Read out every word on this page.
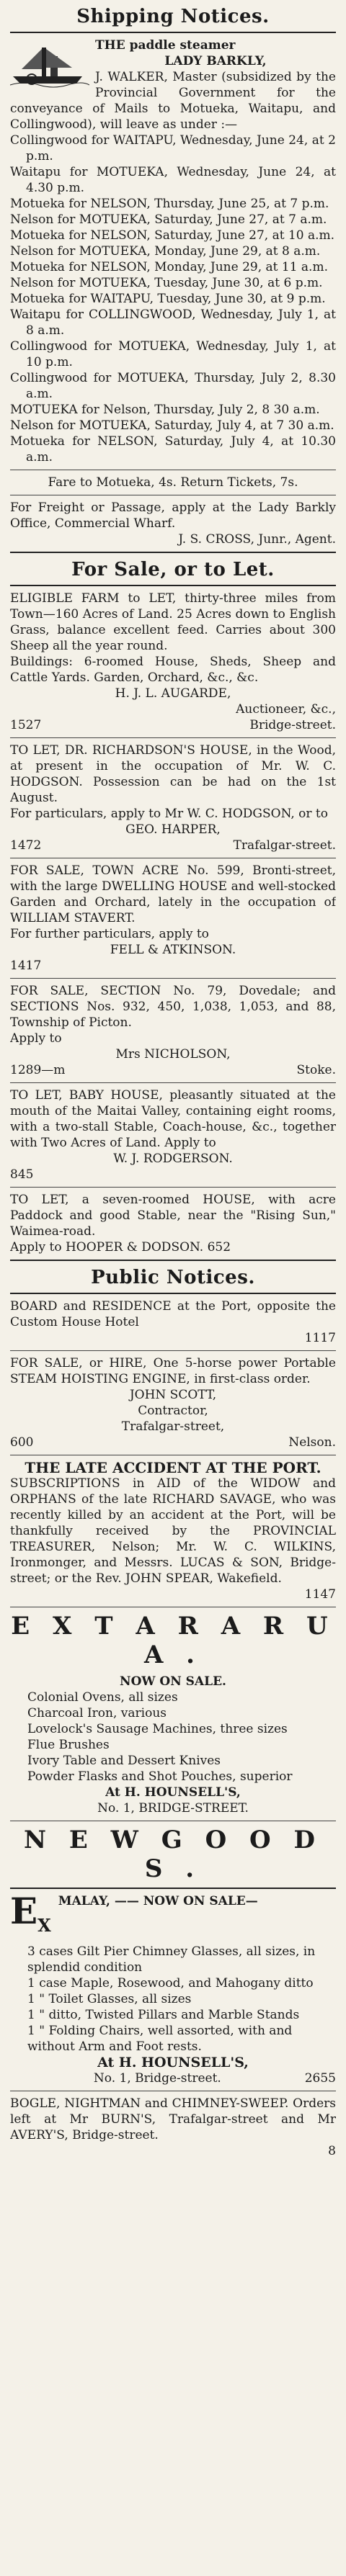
Shipping Notices.

THE paddle steamer

LADY BARKLY,

J. WALKER, Master (subsidized by the Provincial Government for the conveyance of Mails to Motueka, Waitapu, and Collingwood), will leave as under :—

Collingwood for WAITAPU, Wednesday, June 24, at 2 p.m.

Waitapu for MOTUEKA, Wednesday, June 24, at 4.30 p.m.

Motueka for NELSON, Thursday, June 25, at 7 p.m.

Nelson for MOTUEKA, Saturday, June 27, at 7 a.m.

Motueka for NELSON, Saturday, June 27, at 10 a.m.

Nelson for MOTUEKA, Monday, June 29, at 8 a.m.

Motueka for NELSON, Monday, June 29, at 11 a.m.

Nelson for MOTUEKA, Tuesday, June 30, at 6 p.m.

Motueka for WAITAPU, Tuesday, June 30, at 9 p.m.

Waitapu for COLLINGWOOD, Wednesday, July 1, at 8 a.m.

Collingwood for MOTUEKA, Wednesday, July 1, at 10 p.m.

Collingwood for MOTUEKA, Thursday, July 2, 8.30 a.m.

MOTUEKA for Nelson, Thursday, July 2, 8 30 a.m.

Nelson for MOTUEKA, Saturday, July 4, at 7 30 a.m.

Motueka for NELSON, Saturday, July 4, at 10.30 a.m.

Fare to Motueka, 4s. Return Tickets, 7s.

For Freight or Passage, apply at the Lady Barkly Office, Commercial Wharf.

J. S. CROSS, Junr., Agent.

For Sale, or to Let.

ELIGIBLE FARM to LET, thirty-three miles from Town—160 Acres of Land. 25 Acres down to English Grass, balance excellent feed. Carries about 300 Sheep all the year round.

Buildings: 6-roomed House, Sheds, Sheep and Cattle Yards. Garden, Orchard, &c., &c.

H. J. L. AUGARDE,

Auctioneer, &c.,

1527	Bridge-street.

TO LET, DR. RICHARDSON'S HOUSE, in the Wood, at present in the occupation of Mr. W. C. HODGSON. Possession can be had on the 1st August.

For particulars, apply to Mr W. C. HODGSON, or to

GEO. HARPER,

1472	Trafalgar-street.

FOR SALE, TOWN ACRE No. 599, Bronti-street, with the large DWELLING HOUSE and well-stocked Garden and Orchard, lately in the occupation of WILLIAM STAVERT.

For further particulars, apply to

FELL & ATKINSON.

1417

FOR SALE, SECTION No. 79, Dovedale; and SECTIONS Nos. 932, 450, 1,038, 1,053, and 88, Township of Picton.

Apply to

Mrs NICHOLSON,

1289—m	Stoke.

TO LET, BABY HOUSE, pleasantly situated at the mouth of the Maitai Valley, containing eight rooms, with a two-stall Stable, Coach-house, &c., together with Two Acres of Land. Apply to

W. J. RODGERSON.

845

TO LET, a seven-roomed HOUSE, with acre Paddock and good Stable, near the "Rising Sun," Waimea-road.

Apply to HOOPER & DODSON. 652

Public Notices.

BOARD and RESIDENCE at the Port, opposite the Custom House Hotel

1117

FOR SALE, or HIRE, One 5-horse power Portable STEAM HOISTING ENGINE, in first-class order.

JOHN SCOTT,

Contractor,

Trafalgar-street,

600	Nelson.

THE LATE ACCIDENT AT THE PORT.

SUBSCRIPTIONS in AID of the WIDOW and ORPHANS of the late RICHARD SAVAGE, who was recently killed by an accident at the Port, will be thankfully received by the PROVINCIAL TREASURER, Nelson; Mr. W. C. WILKINS, Ironmonger, and Messrs. LUCAS & SON, Bridge-street; or the Rev. JOHN SPEAR, Wakefield.

1147

E X T A R A R U A .

NOW ON SALE.

Colonial Ovens, all sizes
Charcoal Iron, various
Lovelock's Sausage Machines, three sizes
Flue Brushes
Ivory Table and Dessert Knives
Powder Flasks and Shot Pouches, superior

At H. HOUNSELL'S,

No. 1, BRIDGE-STREET.

N E W G O O D S .
$E_X$

MALAY, —— NOW ON SALE—

3 cases Gilt Pier Chimney Glasses, all sizes, in splendid condition
1 case Maple, Rosewood, and Mahogany ditto
1 " Toilet Glasses, all sizes
1 " ditto, Twisted Pillars and Marble Stands
1 " Folding Chairs, well assorted, with and without Arm and Foot rests.

At H. HOUNSELL'S,

No. 1, Bridge-street.	2655

BOGLE, NIGHTMAN and CHIMNEY-SWEEP. Orders left at Mr BURN'S, Trafalgar-street and Mr AVERY'S, Bridge-street.

8
